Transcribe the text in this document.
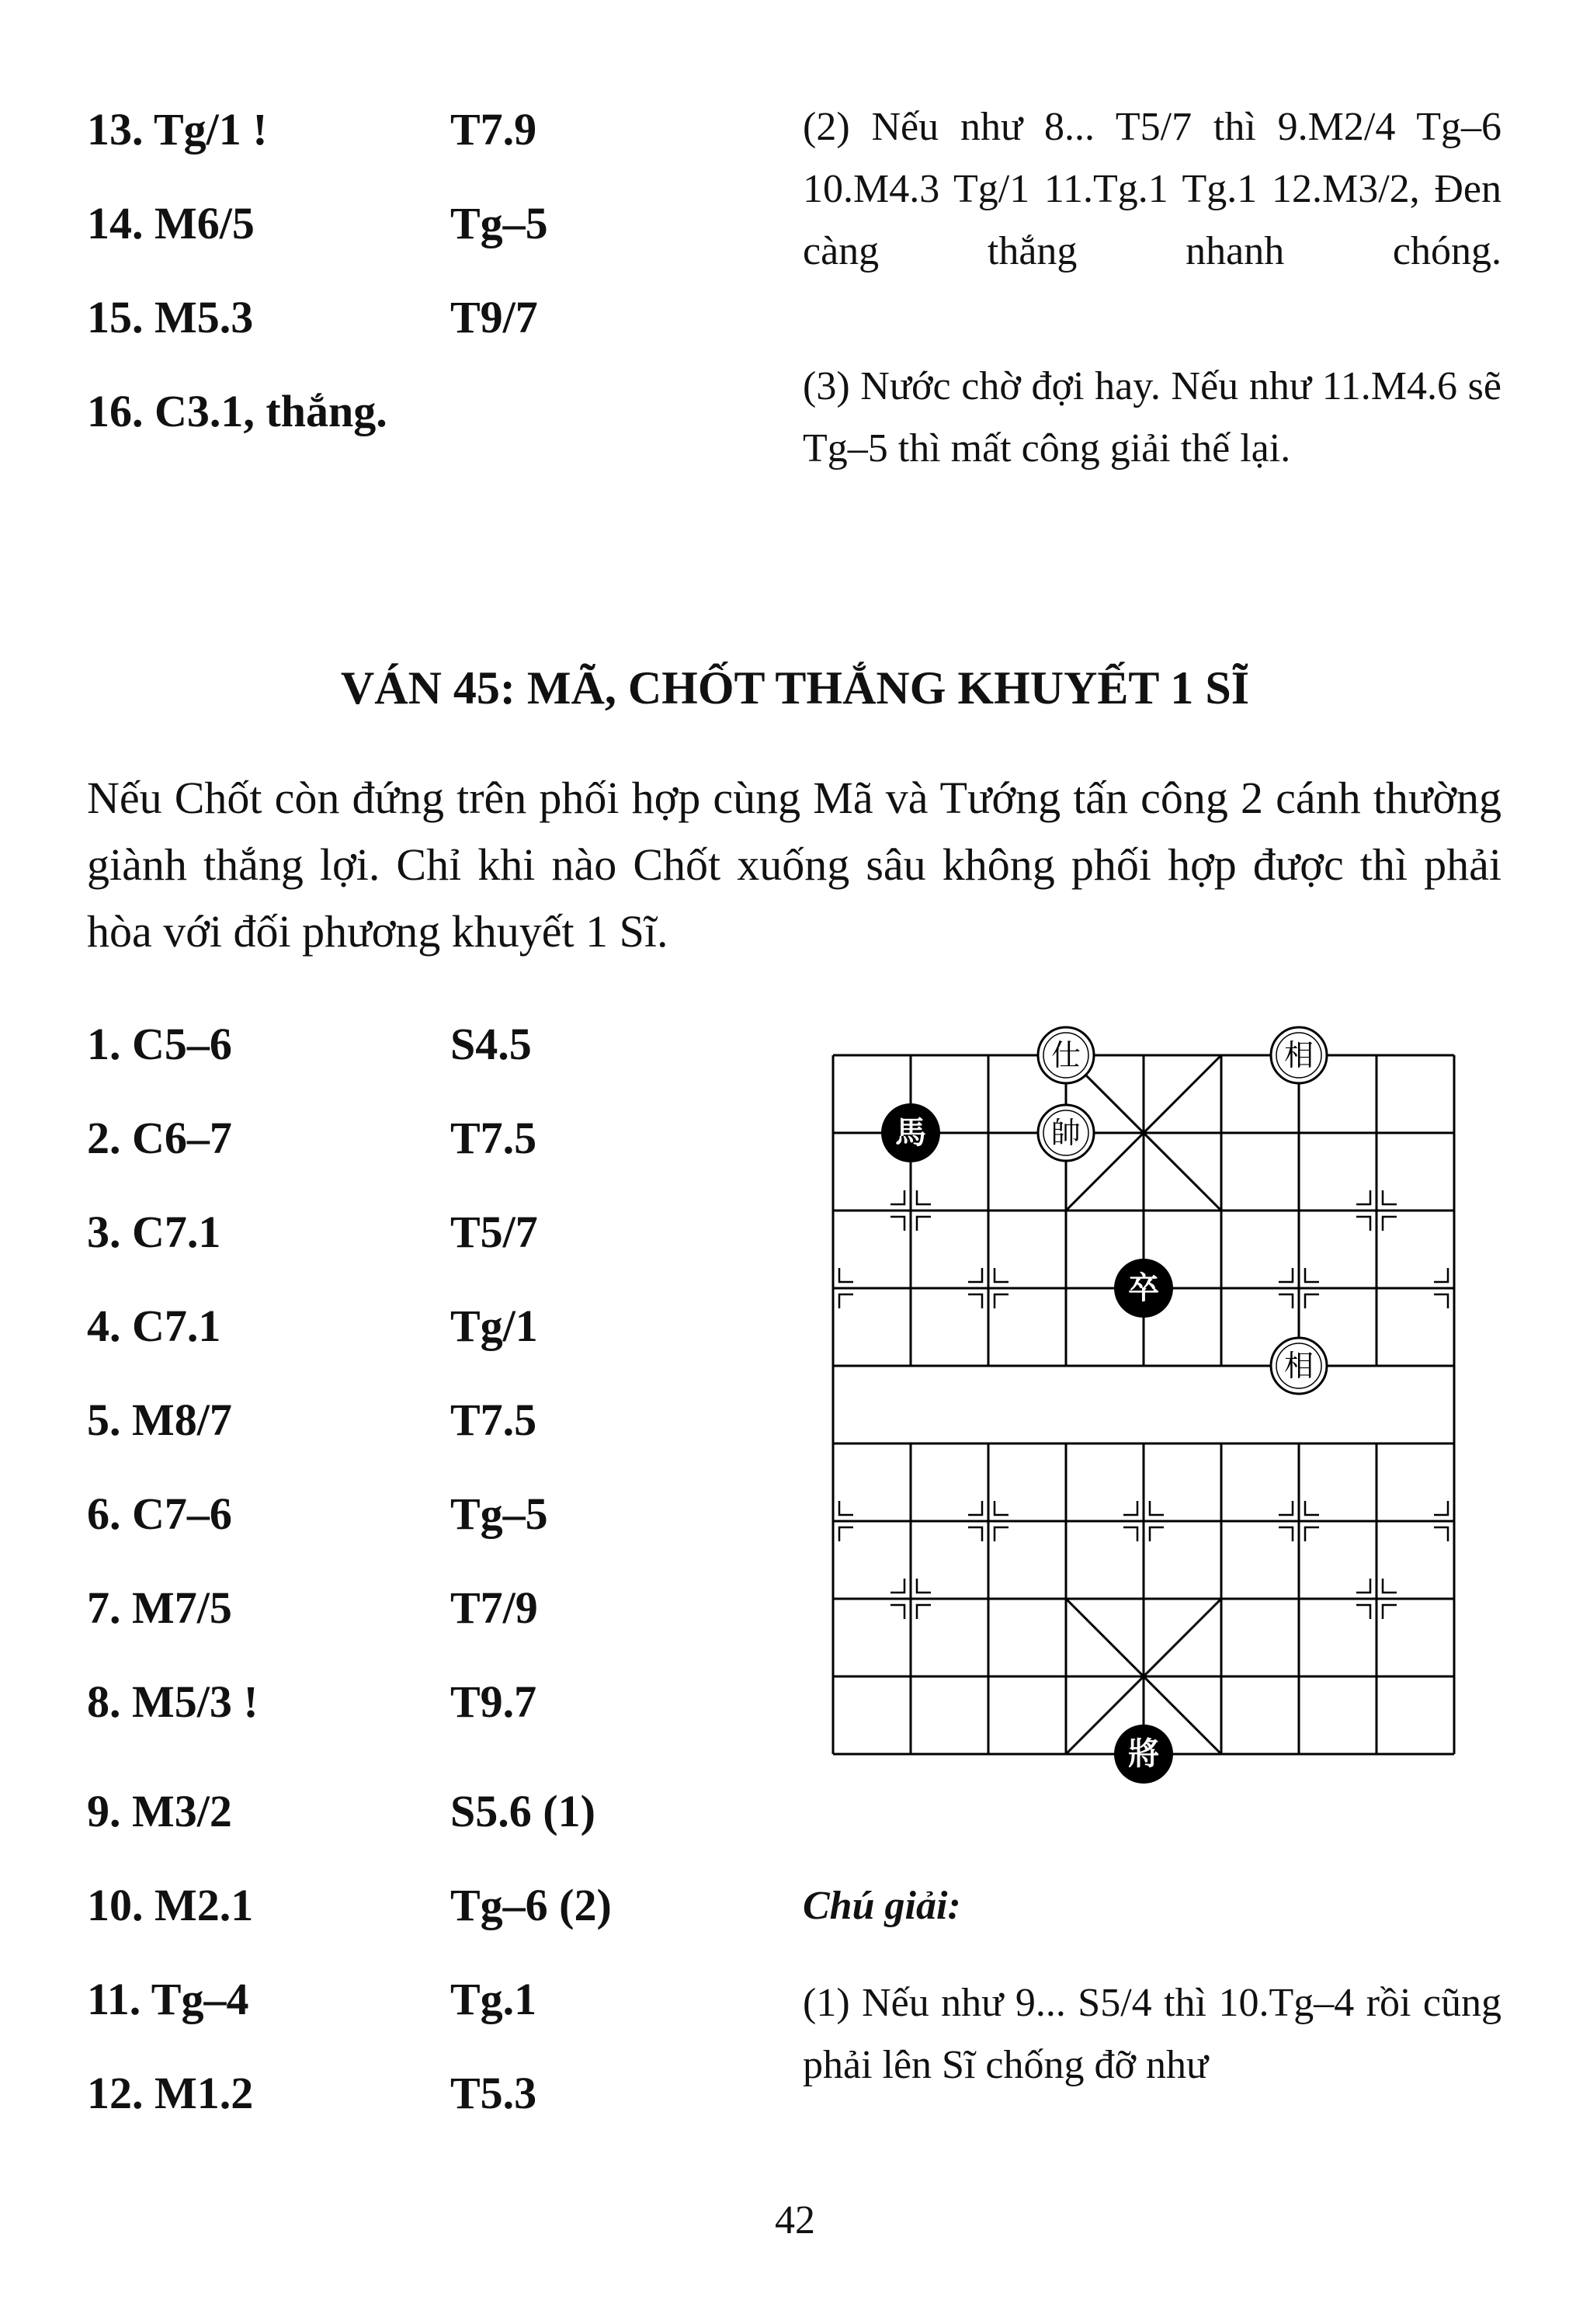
13. Tg/1 !	T7.9
14. M6/5	Tg–5
15. M5.3	T9/7
16. C3.1, thắng.
(2) Nếu như 8... T5/7 thì 9.M2/4 Tg–6 10.M4.3 Tg/1 11.Tg.1 Tg.1 12.M3/2, Đen càng thắng nhanh chóng.
(3) Nước chờ đợi hay. Nếu như 11.M4.6 sẽ Tg–5 thì mất công giải thế lại.
VÁN 45: MÃ, CHỐT THẮNG KHUYẾT 1 SĨ
Nếu Chốt còn đứng trên phối hợp cùng Mã và Tướng tấn công 2 cánh thường giành thắng lợi. Chỉ khi nào Chốt xuống sâu không phối hợp được thì phải hòa với đối phương khuyết 1 Sĩ.
1. C5–6	S4.5
2. C6–7	T7.5
3. C7.1	T5/7
4. C7.1	Tg/1
5. M8/7	T7.5
6. C7–6	Tg–5
7. M7/5	T7/9
8. M5/3 !	T9.7
9. M3/2	S5.6 (1)
10. M2.1	Tg–6 (2)
11. Tg–4	Tg.1
12. M1.2	T5.3
仕	相
馬	帥
卒
相
將
Chú giải:
(1) Nếu như 9... S5/4 thì 10.Tg–4 rồi cũng phải lên Sĩ chống đỡ như
42
